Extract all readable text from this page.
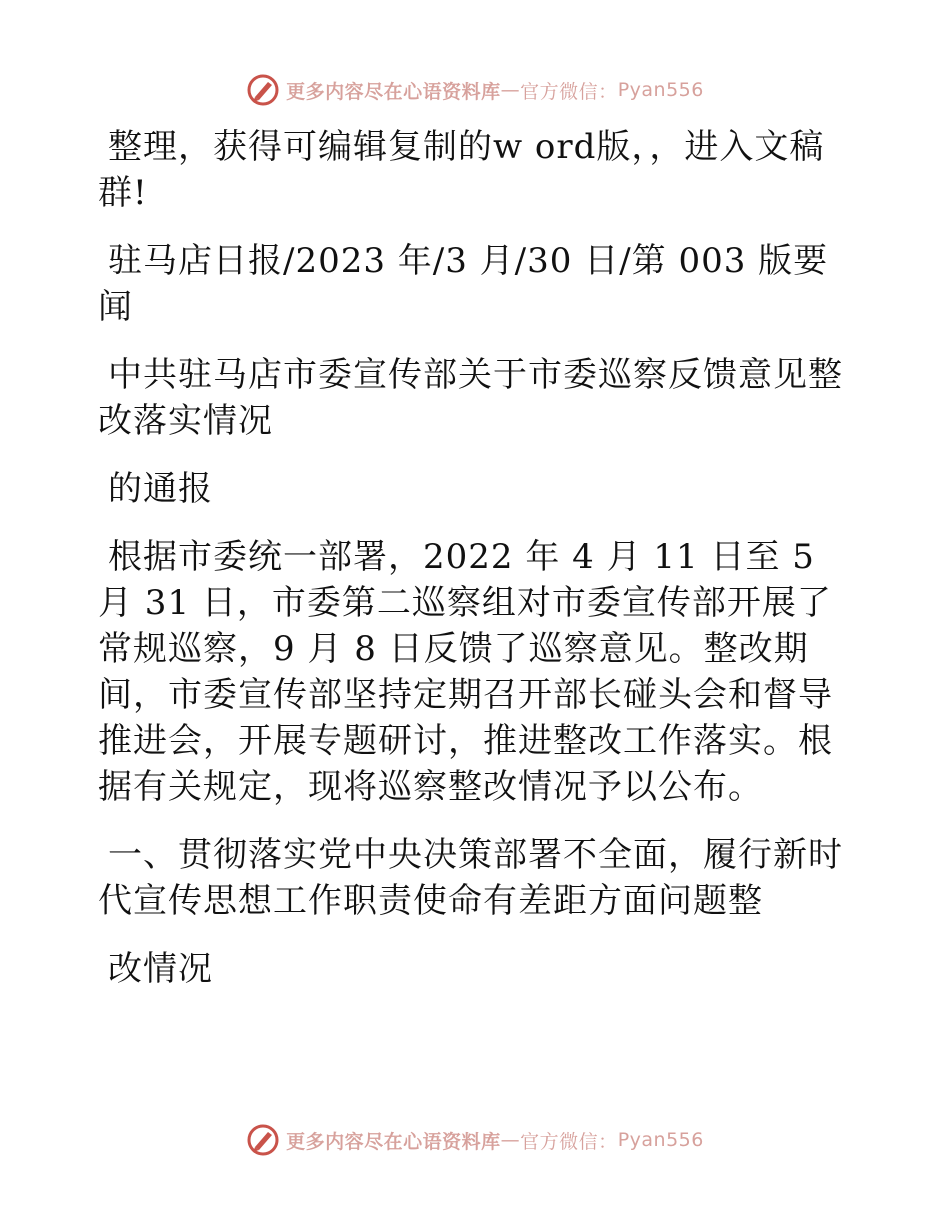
更多内容尽在心语资料库 — 官方微信： Pyan556

整理，获得可编辑复制的w ord版，，进入文稿群!

驻马店日报/2023 年/3 月/30 日/第 003 版要闻

中共驻马店市委宣传部关于市委巡察反馈意见整改落实情况

的通报

根据市委统一部署，2022 年 4 月 11 日至 5 月 31 日，市委第二巡察组对市委宣传部开展了常规巡察，9 月 8 日反馈了巡察意见。整改期间，市委宣传部坚持定期召开部长碰头会和督导推进会，开展专题研讨，推进整改工作落实。根据有关规定，现将巡察整改情况予以公布。

一、贯彻落实党中央决策部署不全面，履行新时代宣传思想工作职责使命有差距方面问题整

改情况

更多内容尽在心语资料库 — 官方微信： Pyan556
